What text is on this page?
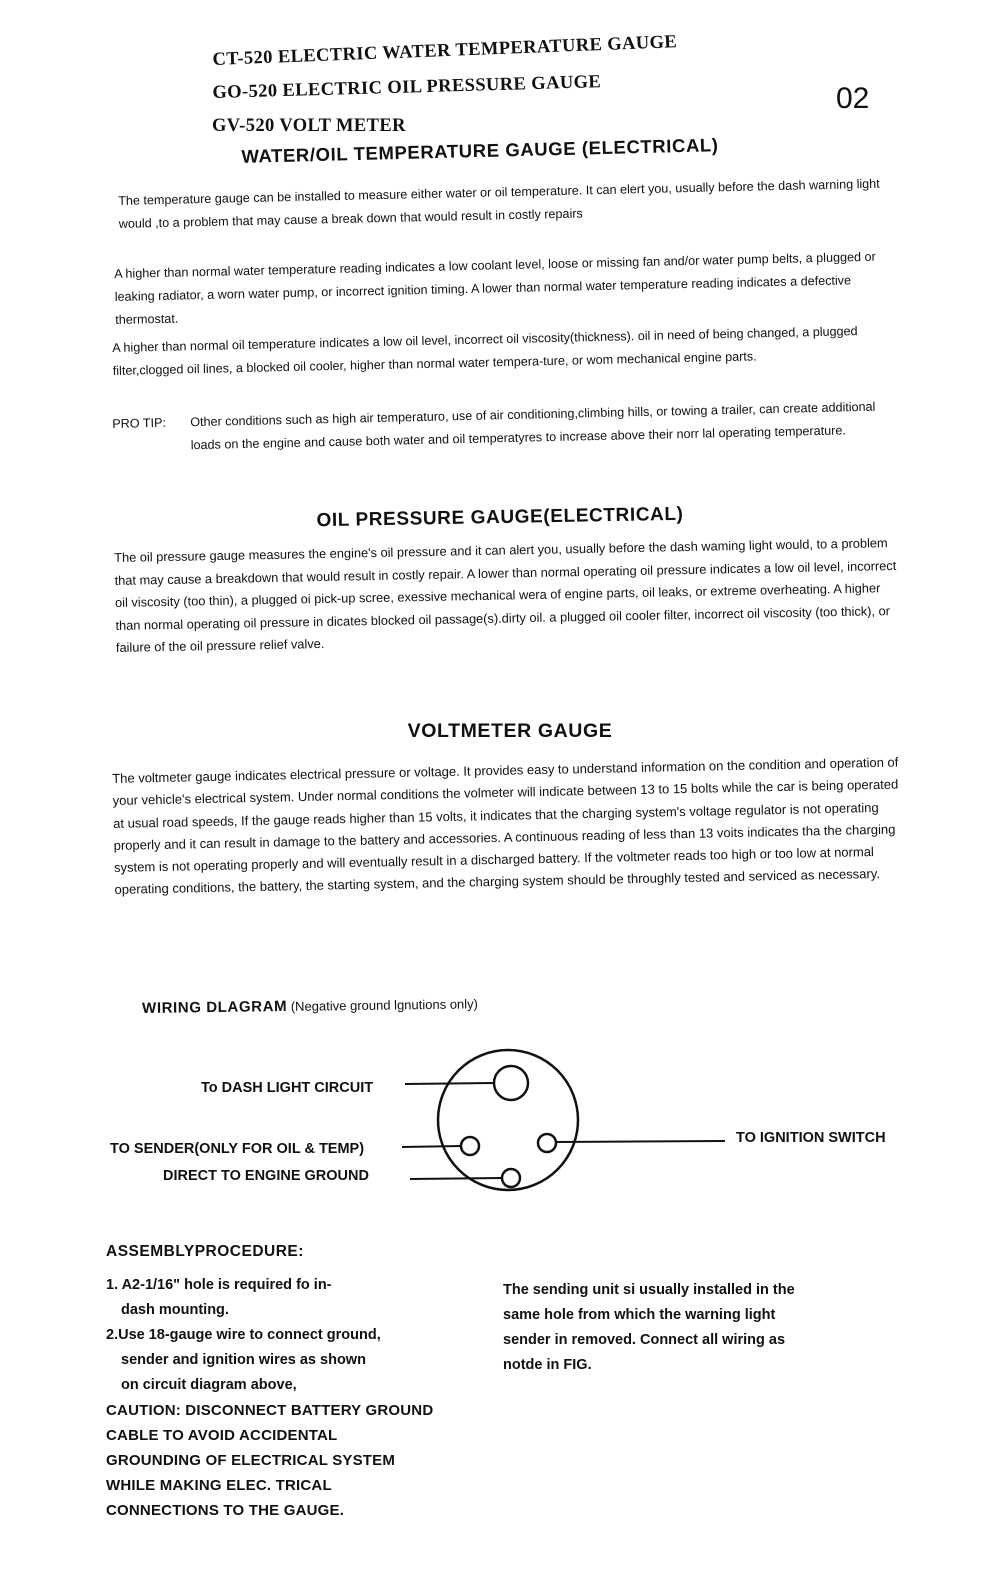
CT-520 ELECTRIC WATER TEMPERATURE GAUGE
GO-520 ELECTRIC OIL PRESSURE GAUGE
GV-520 VOLT METER
02
WATER/OIL TEMPERATURE GAUGE (ELECTRICAL)

The temperature gauge can be installed to measure either water or oil temperature. It can elert you, usually before the dash warning light would ,to a problem that may cause a break down that would result in costly repairs

A higher than normal water temperature reading indicates a low coolant level, loose or missing fan and/or water pump belts, a plugged or leaking radiator, a worn water pump, or incorrect ignition timing. A lower than normal water temperature reading indicates a defective thermostat.

A higher than normal oil temperature indicates a low oil level, incorrect oil viscosity(thickness). oil in need of being changed, a plugged filter,clogged oil lines, a blocked oil cooler, higher than normal water tempera-ture, or wom mechanical engine parts.

PRO TIP: Other conditions such as high air temperaturo, use of air conditioning,climbing hills, or towing a trailer, can create additional loads on the engine and cause both water and oil temperatyres to increase above their norr lal operating temperature.
OIL PRESSURE GAUGE(ELECTRICAL)

The oil pressure gauge measures the engine's oil pressure and it can alert you, usually before the dash waming light would, to a problem that may cause a breakdown that would result in costly repair. A lower than normal operating oil pressure indicates a low oil level, incorrect oil viscosity (too thin), a plugged oi pick-up scree, exessive mechanical wera of engine parts, oil leaks, or extreme overheating. A higher than normal operating oil pressure in dicates blocked oil passage(s).dirty oil. a plugged oil cooler filter, incorrect oil viscosity (too thick), or failure of the oil pressure relief valve.

VOLTMETER GAUGE

The voltmeter gauge indicates electrical pressure or voltage. It provides easy to understand information on the condition and operation of your vehicle's electrical system. Under normal conditions the volmeter will indicate between 13 to 15 bolts while the car is being operated at usual road speeds, If the gauge reads higher than 15 volts, it indicates that the charging system's voltage regulator is not operating properly and it can result in damage to the battery and accessories. A continuous reading of less than 13 voits indicates tha the charging system is not operating properly and will eventually result in a discharged battery. If the voltmeter reads too high or too low at normal operating conditions, the battery, the starting system, and the charging system should be throughly tested and serviced as necessary.

WIRING DLAGRAM (Negative ground lgnutions only)
To DASH LIGHT CIRCUIT
TO SENDER(ONLY FOR OIL & TEMP)
DIRECT TO ENGINE GROUND
TO IGNITION SWITCH
ASSEMBLYPROCEDURE:
1. A2-1/16" hole is required fo in-
dash mounting.
2.Use 18-gauge wire to connect ground,
sender and ignition wires as shown
on circuit diagram above,
CAUTION: DISCONNECT BATTERY GROUND CABLE TO AVOID ACCIDENTAL GROUNDING OF ELECTRICAL SYSTEM WHILE MAKING ELEC. TRICAL CONNECTIONS TO THE GAUGE.
The sending unit si usually installed in the same hole from which the warning light sender in removed. Connect all wiring as notde in FIG.
